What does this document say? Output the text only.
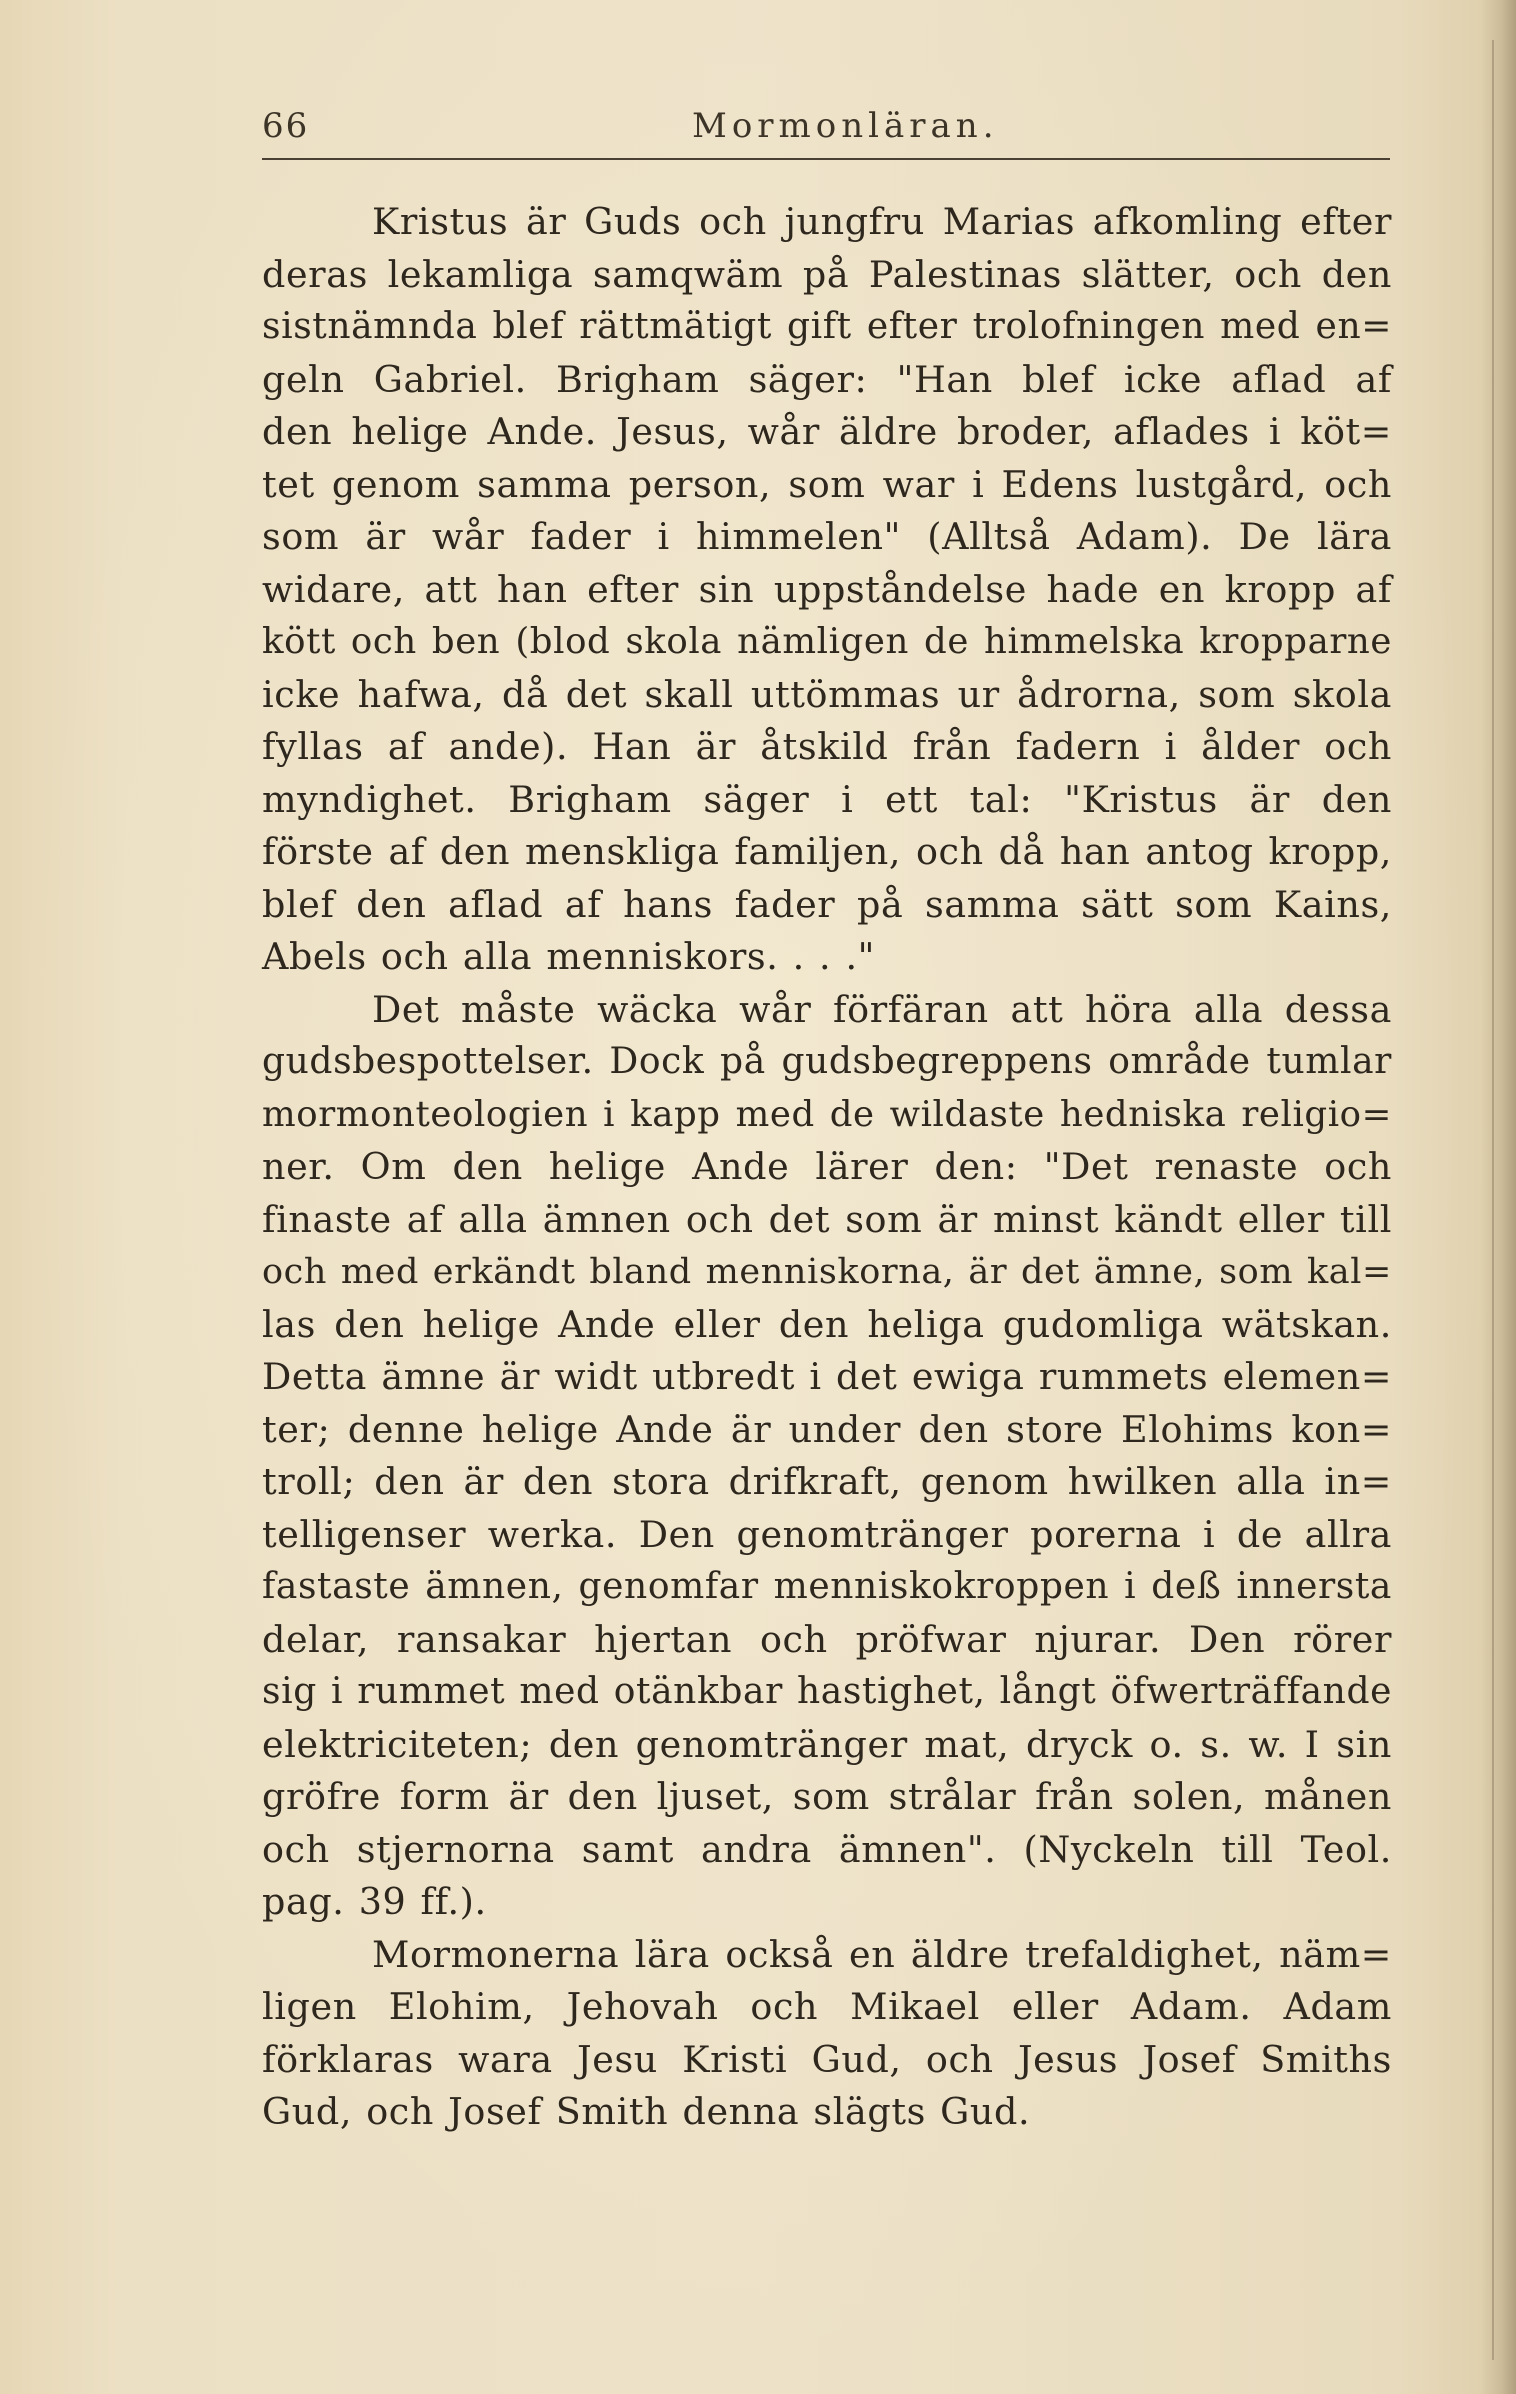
66	Mormonläran.
Kristus är Guds och jungfru Marias afkomling efter
deras lekamliga samqwäm på Palestinas slätter, och den
sistnämnda blef rättmätigt gift efter trolofningen med en=
geln Gabriel. Brigham säger: "Han blef icke aflad af
den helige Ande. Jesus, wår äldre broder, aflades i köt=
tet genom samma person, som war i Edens lustgård, och
som är wår fader i himmelen" (Alltså Adam). De lära
widare, att han efter sin uppståndelse hade en kropp af
kött och ben (blod skola nämligen de himmelska kropparne
icke hafwa, då det skall uttömmas ur ådrorna, som skola
fyllas af ande). Han är åtskild från fadern i ålder och
myndighet. Brigham säger i ett tal: "Kristus är den
förste af den menskliga familjen, och då han antog kropp,
blef den aflad af hans fader på samma sätt som Kains,
Abels och alla menniskors. . . ."
Det måste wäcka wår förfäran att höra alla dessa
gudsbespottelser. Dock på gudsbegreppens område tumlar
mormonteologien i kapp med de wildaste hedniska religio=
ner. Om den helige Ande lärer den: "Det renaste och
finaste af alla ämnen och det som är minst kändt eller till
och med erkändt bland menniskorna, är det ämne, som kal=
las den helige Ande eller den heliga gudomliga wätskan.
Detta ämne är widt utbredt i det ewiga rummets elemen=
ter; denne helige Ande är under den store Elohims kon=
troll; den är den stora drifkraft, genom hwilken alla in=
telligenser werka. Den genomtränger porerna i de allra
fastaste ämnen, genomfar menniskokroppen i deß innersta
delar, ransakar hjertan och pröfwar njurar. Den rörer
sig i rummet med otänkbar hastighet, långt öfwerträffande
elektriciteten; den genomtränger mat, dryck o. s. w. I sin
gröfre form är den ljuset, som strålar från solen, månen
och stjernorna samt andra ämnen". (Nyckeln till Teol.
pag. 39 ff.).
Mormonerna lära också en äldre trefaldighet, näm=
ligen Elohim, Jehovah och Mikael eller Adam. Adam
förklaras wara Jesu Kristi Gud, och Jesus Josef Smiths
Gud, och Josef Smith denna slägts Gud.
